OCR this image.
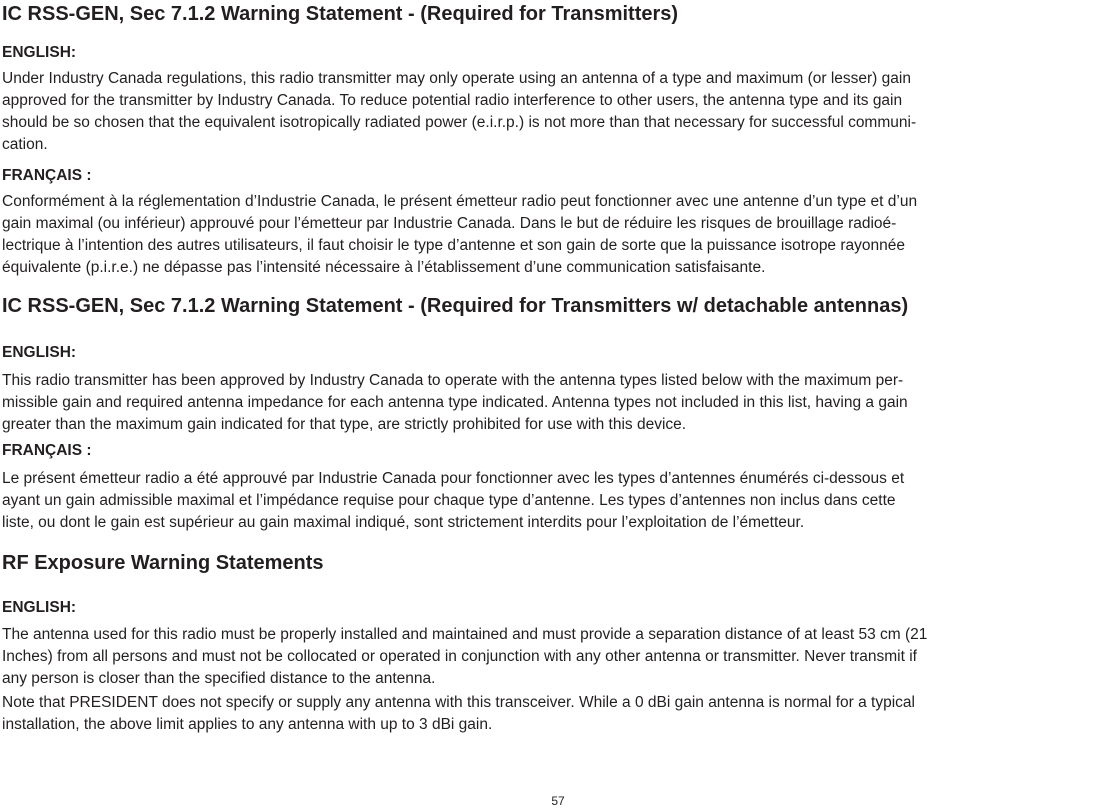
IC RSS-GEN, Sec 7.1.2 Warning Statement - (Required for Transmitters)
ENGLISH:
Under Industry Canada regulations, this radio transmitter may only operate using an antenna of a type and maximum (or lesser) gain
approved for the transmitter by Industry Canada. To reduce potential radio interference to other users, the antenna type and its gain
should be so chosen that the equivalent isotropically radiated power (e.i.r.p.) is not more than that necessary for successful communi-
cation.
FRANÇAIS :
Conformément à la réglementation d’Industrie Canada, le présent émetteur radio peut fonctionner avec une antenne d’un type et d’un
gain maximal (ou inférieur) approuvé pour l’émetteur par Industrie Canada. Dans le but de réduire les risques de brouillage radioé-
lectrique à l’intention des autres utilisateurs, il faut choisir le type d’antenne et son gain de sorte que la puissance isotrope rayonnée
équivalente (p.i.r.e.) ne dépasse pas l’intensité nécessaire à l’établissement d’une communication satisfaisante.
IC RSS-GEN, Sec 7.1.2 Warning Statement - (Required for Transmitters w/ detachable antennas)
ENGLISH:
This radio transmitter has been approved by Industry Canada to operate with the antenna types listed below with the maximum per-
missible gain and required antenna impedance for each antenna type indicated. Antenna types not included in this list, having a gain
greater than the maximum gain indicated for that type, are strictly prohibited for use with this device.
FRANÇAIS :
Le présent émetteur radio a été approuvé par Industrie Canada pour fonctionner avec les types d’antennes énumérés ci-dessous et
ayant un gain admissible maximal et l’impédance requise pour chaque type d’antenne. Les types d’antennes non inclus dans cette
liste, ou dont le gain est supérieur au gain maximal indiqué, sont strictement interdits pour l’exploitation de l’émetteur.
RF Exposure Warning Statements
ENGLISH:
The antenna used for this radio must be properly installed and maintained and must provide a separation distance of at least 53 cm (21
Inches) from all persons and must not be collocated or operated in conjunction with any other antenna or transmitter. Never transmit if
any person is closer than the specified distance to the antenna.
Note that PRESIDENT does not specify or supply any antenna with this transceiver. While a 0 dBi gain antenna is normal for a typical
installation, the above limit applies to any antenna with up to 3 dBi gain.
57
